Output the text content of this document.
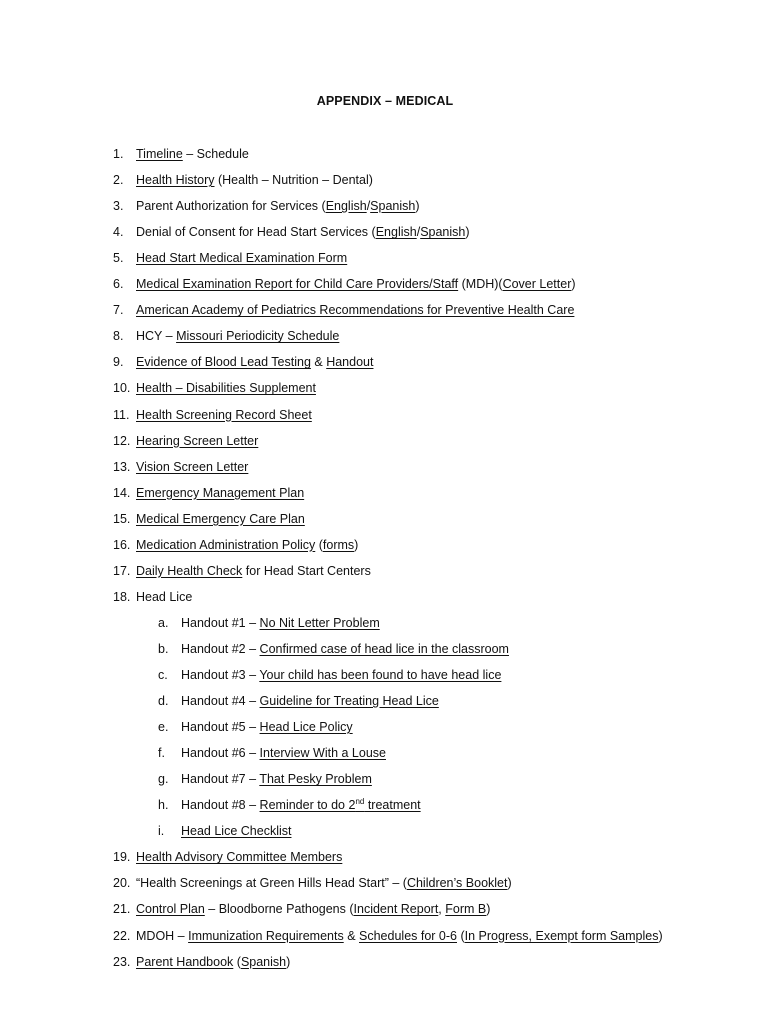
APPENDIX – MEDICAL
1. Timeline – Schedule
2. Health History (Health – Nutrition – Dental)
3. Parent Authorization for Services (English/Spanish)
4. Denial of Consent for Head Start Services (English/Spanish)
5. Head Start Medical Examination Form
6. Medical Examination Report for Child Care Providers/Staff (MDH)(Cover Letter)
7. American Academy of Pediatrics Recommendations for Preventive Health Care
8. HCY – Missouri Periodicity Schedule
9. Evidence of Blood Lead Testing & Handout
10. Health – Disabilities Supplement
11. Health Screening Record Sheet
12. Hearing Screen Letter
13. Vision Screen Letter
14. Emergency Management Plan
15. Medical Emergency Care Plan
16. Medication Administration Policy (forms)
17. Daily Health Check for Head Start Centers
18. Head Lice
a. Handout #1 – No Nit Letter Problem
b. Handout #2 – Confirmed case of head lice in the classroom
c. Handout #3 – Your child has been found to have head lice
d. Handout #4 – Guideline for Treating Head Lice
e. Handout #5 – Head Lice Policy
f. Handout #6 – Interview With a Louse
g. Handout #7 – That Pesky Problem
h. Handout #8 – Reminder to do 2nd treatment
i. Head Lice Checklist
19. Health Advisory Committee Members
20. “Health Screenings at Green Hills Head Start” – (Children’s Booklet)
21. Control Plan – Bloodborne Pathogens (Incident Report, Form B)
22. MDOH – Immunization Requirements & Schedules for 0-6 (In Progress, Exempt form Samples)
23. Parent Handbook (Spanish)
